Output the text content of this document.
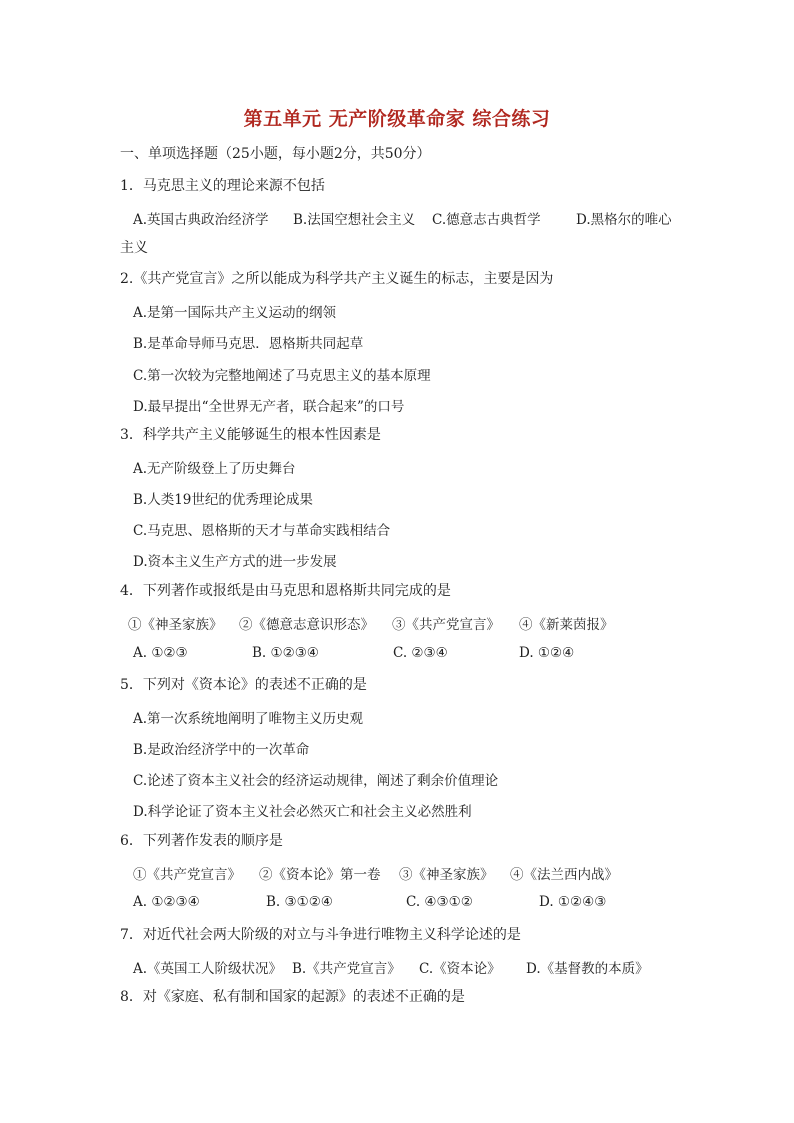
第五单元 无产阶级革命家 综合练习
一、单项选择题（25小题，每小题2分，共50分）
1．马克思主义的理论来源不包括
A.英国古典政治经济学 B.法国空想社会主义 C.德意志古典哲学	D.黑格尔的唯心
主义
2.《共产党宣言》之所以能成为科学共产主义诞生的标志，主要是因为
A.是第一国际共产主义运动的纲领
B.是革命导师马克思．恩格斯共同起草
C.第一次较为完整地阐述了马克思主义的基本原理
D.最早提出“全世界无产者，联合起来”的口号
3．科学共产主义能够诞生的根本性因素是
A.无产阶级登上了历史舞台
B.人类19世纪的优秀理论成果
C.马克思、恩格斯的天才与革命实践相结合
D.资本主义生产方式的进一步发展
4．下列著作或报纸是由马克思和恩格斯共同完成的是
①《神圣家族》 ②《德意志意识形态》 ③《共产党宣言》 ④《新莱茵报》
A. ①②③	B. ①②③④	C. ②③④	D. ①②④
5．下列对《资本论》的表述不正确的是
A.第一次系统地阐明了唯物主义历史观
B.是政治经济学中的一次革命
C.论述了资本主义社会的经济运动规律，阐述了剩余价值理论
D.科学论证了资本主义社会必然灭亡和社会主义必然胜利
6．下列著作发表的顺序是
①《共产党宣言》 ②《资本论》第一卷 ③《神圣家族》 ④《法兰西内战》
A. ①②③④	B. ③①②④	C. ④③①②	D. ①②④③
7．对近代社会两大阶级的对立与斗争进行唯物主义科学论述的是
A.《英国工人阶级状况》 B.《共产党宣言》 C.《资本论》 D.《基督教的本质》
8．对《家庭、私有制和国家的起源》的表述不正确的是
